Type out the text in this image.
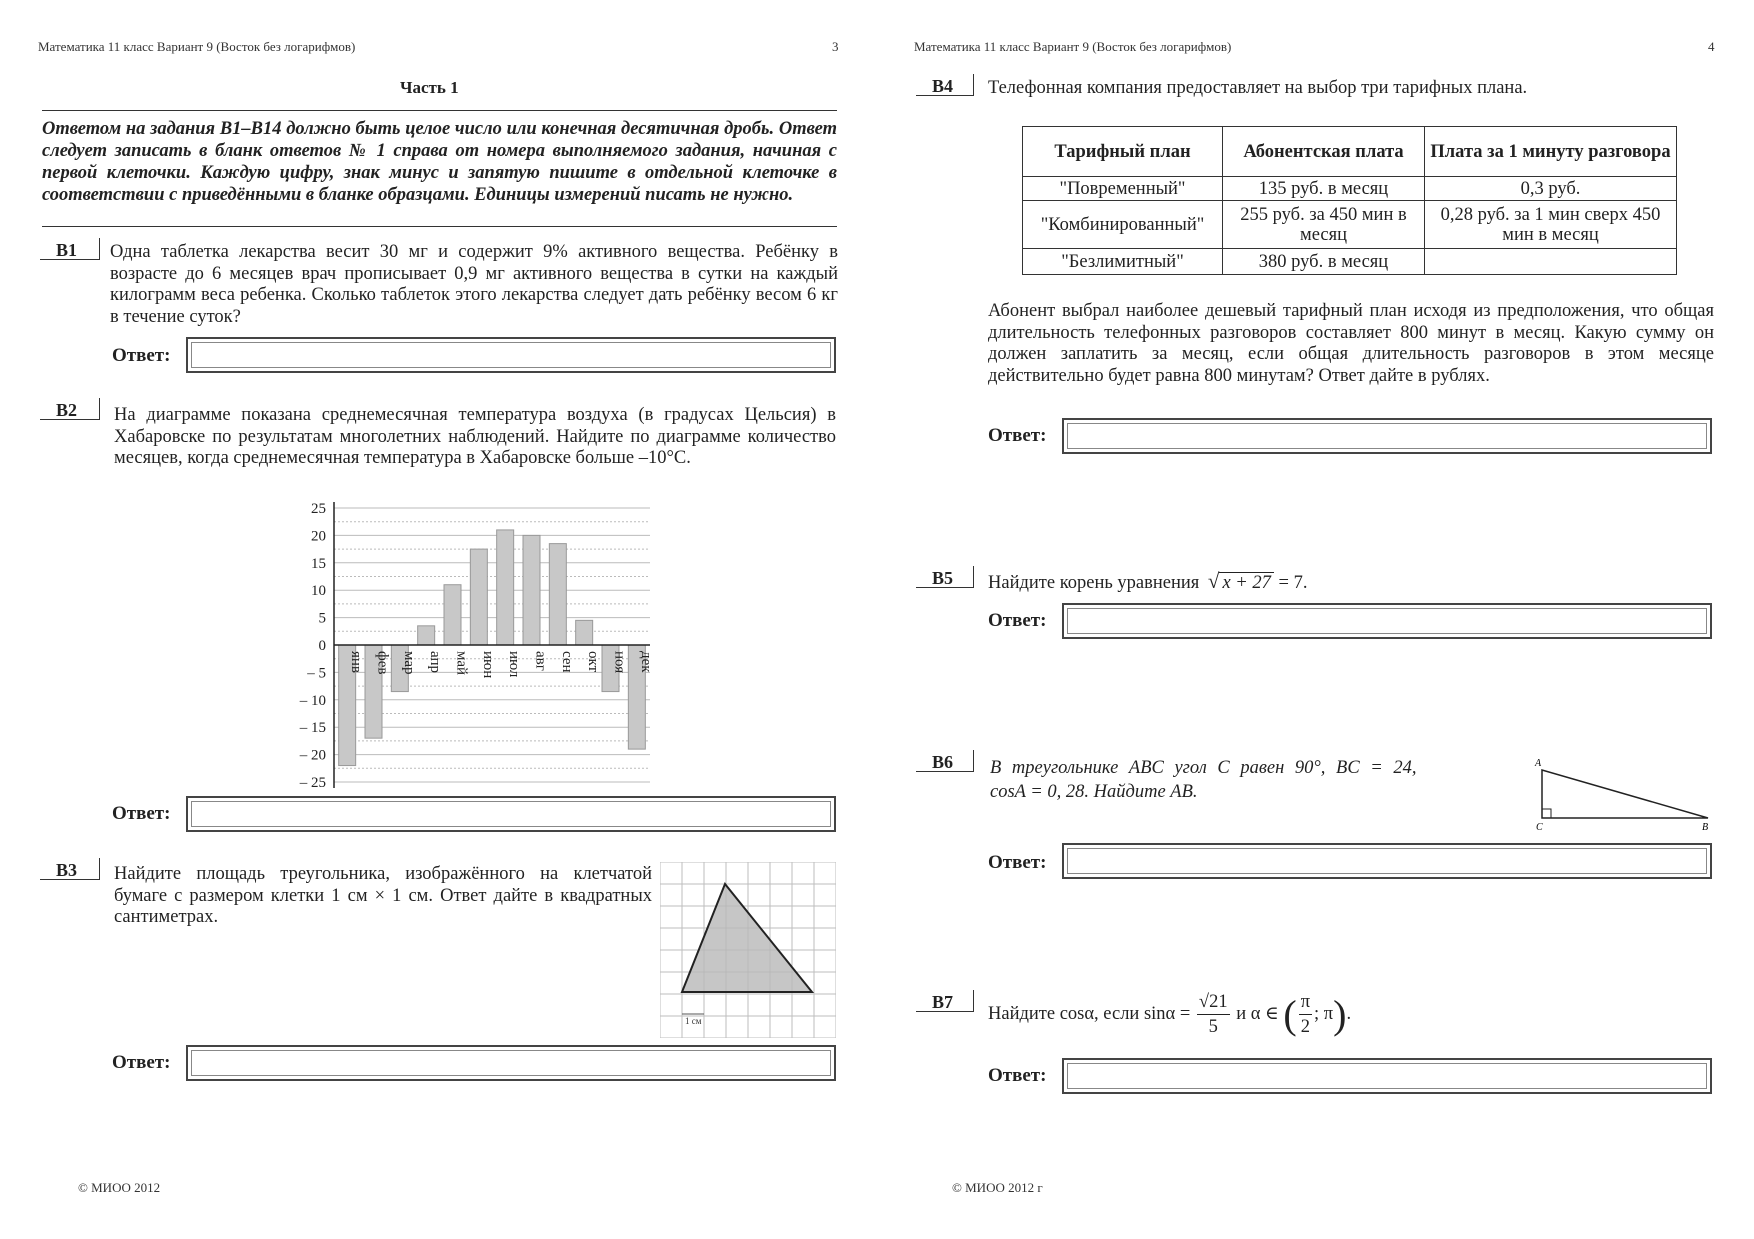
Математика 11 класс Вариант 9 (Восток без логарифмов)	3
Часть 1
Ответом на задания B1–B14 должно быть целое число или конечная десятичная дробь. Ответ следует записать в бланк ответов № 1 справа от номера выполняемого задания, начиная с первой клеточки. Каждую цифру, знак минус и запятую пишите в отдельной клеточке в соответствии с приведёнными в бланке образцами. Единицы измерений писать не нужно.
B1 Одна таблетка лекарства весит 30 мг и содержит 9% активного вещества. Ребёнку в возрасте до 6 месяцев врач прописывает 0,9 мг активного вещества в сутки на каждый килограмм веса ребенка. Сколько таблеток этого лекарства следует дать ребёнку весом 6 кг в течение суток?
Ответ:
B2 На диаграмме показана среднемесячная температура воздуха (в градусах Цельсия) в Хабаровске по результатам многолетних наблюдений. Найдите по диаграмме количество месяцев, когда среднемесячная температура в Хабаровске больше –10°C.
25
20
15
10
5
0
– 5
– 10
– 15
– 20
– 25
янв фев мар апр май июн июл авг сен окт ноя дек
Ответ:
B3 Найдите площадь треугольника, изображённого на клетчатой бумаге с размером клетки 1 см × 1 см. Ответ дайте в квадратных сантиметрах.
1 см
Ответ:
© МИОО 2012
Математика 11 класс Вариант 9 (Восток без логарифмов)	4
B4 Телефонная компания предоставляет на выбор три тарифных плана.
Тарифный план	Абонентская плата	Плата за 1 минуту разговора
"Повременный"	135 руб. в месяц	0,3 руб.
"Комбинированный"	255 руб. за 450 мин в месяц	0,28 руб. за 1 мин сверх 450 мин в месяц
"Безлимитный"	380 руб. в месяц	
Абонент выбрал наиболее дешевый тарифный план исходя из предположения, что общая длительность телефонных разговоров составляет 800 минут в месяц. Какую сумму он должен заплатить за месяц, если общая длительность разговоров в этом месяце действительно будет равна 800 минутам? Ответ дайте в рублях.
Ответ:
B5 Найдите корень уравнения √ x + 27 = 7.
Ответ:
B6 В треугольнике ABC угол C равен 90°, BC = 24,
cosA = 0, 28. Найдите AB.
A
C	B
Ответ:
B7
Найдите cosα, если $\sin\alpha = \frac{√21}{5}$ и α ∈ ( $\frac{\pi}{2}$ ; π).
Ответ:
© МИОО 2012 г
